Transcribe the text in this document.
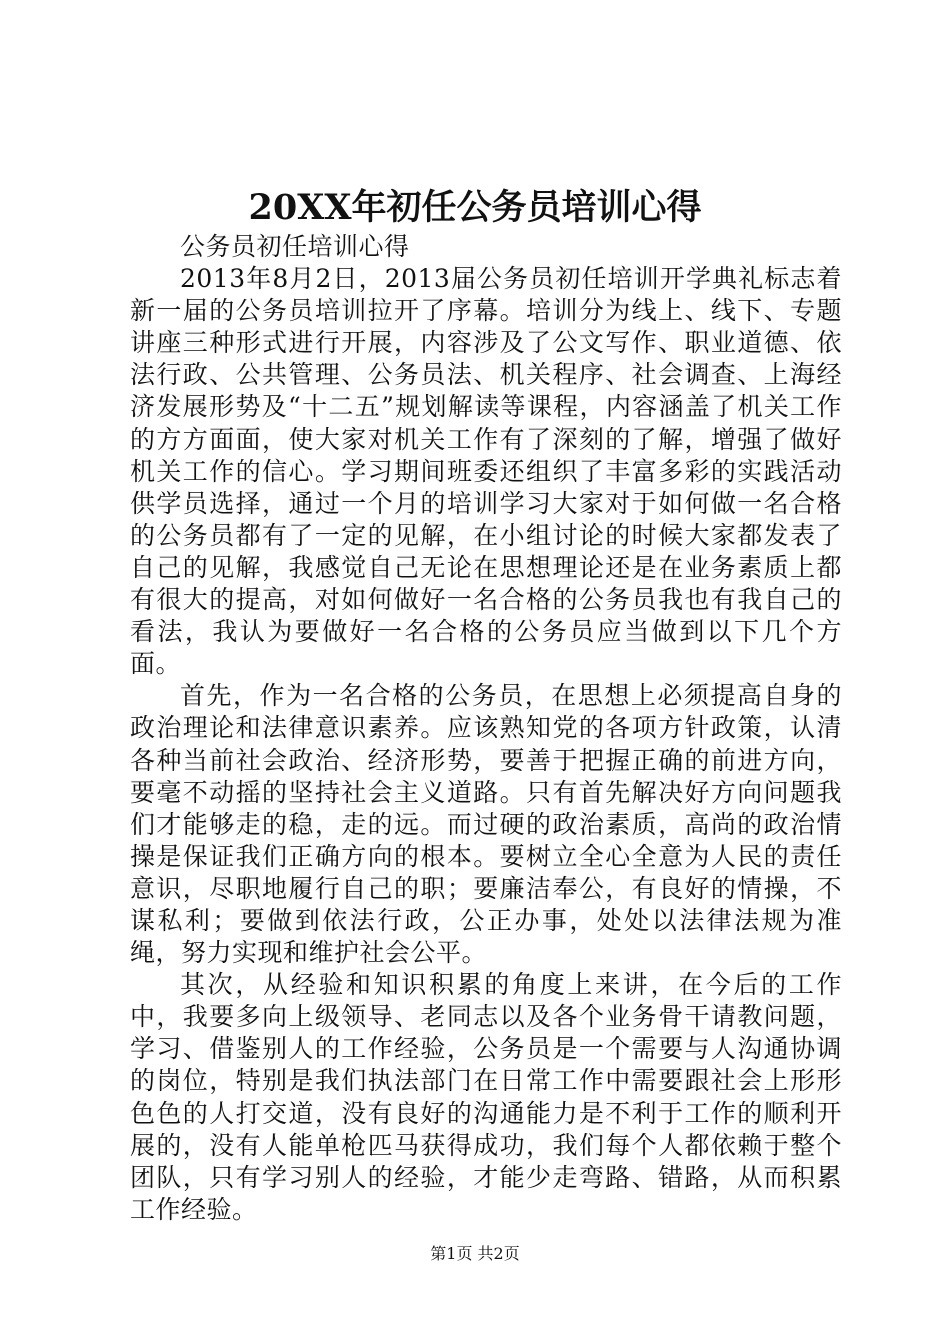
20XX年初任公务员培训心得

公务员初任培训心得

2013年8月2日，2013届公务员初任培训开学典礼标志着新一届的公务员培训拉开了序幕。培训分为线上、线下、专题讲座三种形式进行开展，内容涉及了公文写作、职业道德、依法行政、公共管理、公务员法、机关程序、社会调查、上海经济发展形势及“十二五”规划解读等课程，内容涵盖了机关工作的方方面面，使大家对机关工作有了深刻的了解，增强了做好机关工作的信心。学习期间班委还组织了丰富多彩的实践活动供学员选择，通过一个月的培训学习大家对于如何做一名合格的公务员都有了一定的见解，在小组讨论的时候大家都发表了自己的见解，我感觉自己无论在思想理论还是在业务素质上都有很大的提高，对如何做好一名合格的公务员我也有我自己的看法，我认为要做好一名合格的公务员应当做到以下几个方面。

首先，作为一名合格的公务员，在思想上必须提高自身的政治理论和法律意识素养。应该熟知党的各项方针政策，认清各种当前社会政治、经济形势，要善于把握正确的前进方向，要毫不动摇的坚持社会主义道路。只有首先解决好方向问题我们才能够走的稳，走的远。而过硬的政治素质，高尚的政治情操是保证我们正确方向的根本。要树立全心全意为人民的责任意识，尽职地履行自己的职；要廉洁奉公，有良好的情操，不谋私利；要做到依法行政，公正办事，处处以法律法规为准绳，努力实现和维护社会公平。

其次，从经验和知识积累的角度上来讲，在今后的工作中，我要多向上级领导、老同志以及各个业务骨干请教问题，学习、借鉴别人的工作经验，公务员是一个需要与人沟通协调的岗位，特别是我们执法部门在日常工作中需要跟社会上形形色色的人打交道，没有良好的沟通能力是不利于工作的顺利开展的，没有人能单枪匹马获得成功，我们每个人都依赖于整个团队，只有学习别人的经验，才能少走弯路、错路，从而积累工作经验。

第1页 共2页
